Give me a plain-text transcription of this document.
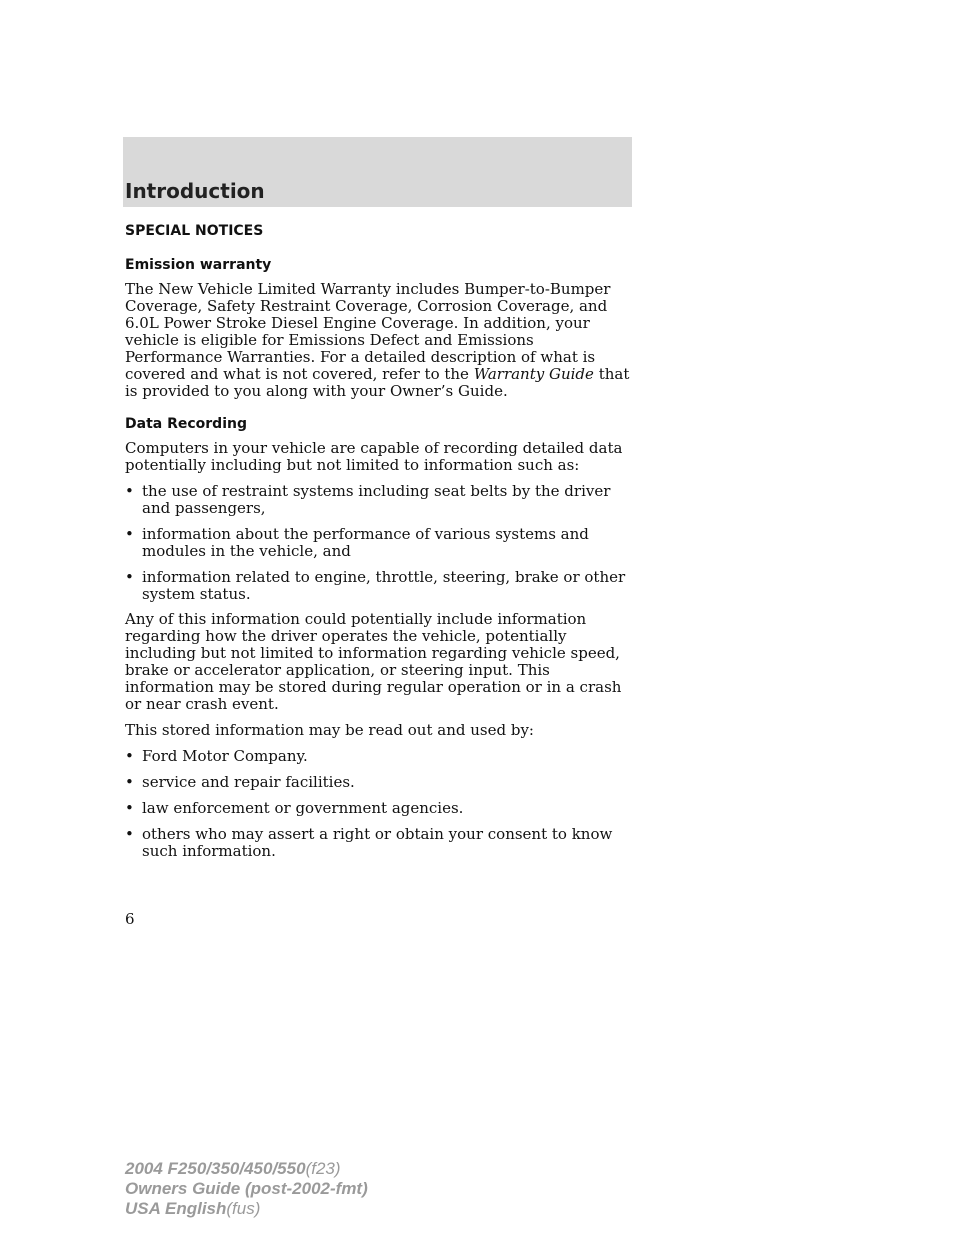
Introduction
SPECIAL NOTICES
Emission warranty

The New Vehicle Limited Warranty includes Bumper-to-Bumper Coverage, Safety Restraint Coverage, Corrosion Coverage, and 6.0L Power Stroke Diesel Engine Coverage. In addition, your vehicle is eligible for Emissions Defect and Emissions Performance Warranties. For a detailed description of what is covered and what is not covered, refer to the Warranty Guide that is provided to you along with your Owner’s Guide.

Data Recording

Computers in your vehicle are capable of recording detailed data potentially including but not limited to information such as:

• the use of restraint systems including seat belts by the driver and passengers,
• information about the performance of various systems and modules in the vehicle, and
• information related to engine, throttle, steering, brake or other system status.

Any of this information could potentially include information regarding how the driver operates the vehicle, potentially including but not limited to information regarding vehicle speed, brake or accelerator application, or steering input. This information may be stored during regular operation or in a crash or near crash event.

This stored information may be read out and used by:

• Ford Motor Company.
• service and repair facilities.
• law enforcement or government agencies.
• others who may assert a right or obtain your consent to know such information.
6
2004 F250/350/450/550(f23)
Owners Guide (post-2002-fmt)
USA English(fus)
